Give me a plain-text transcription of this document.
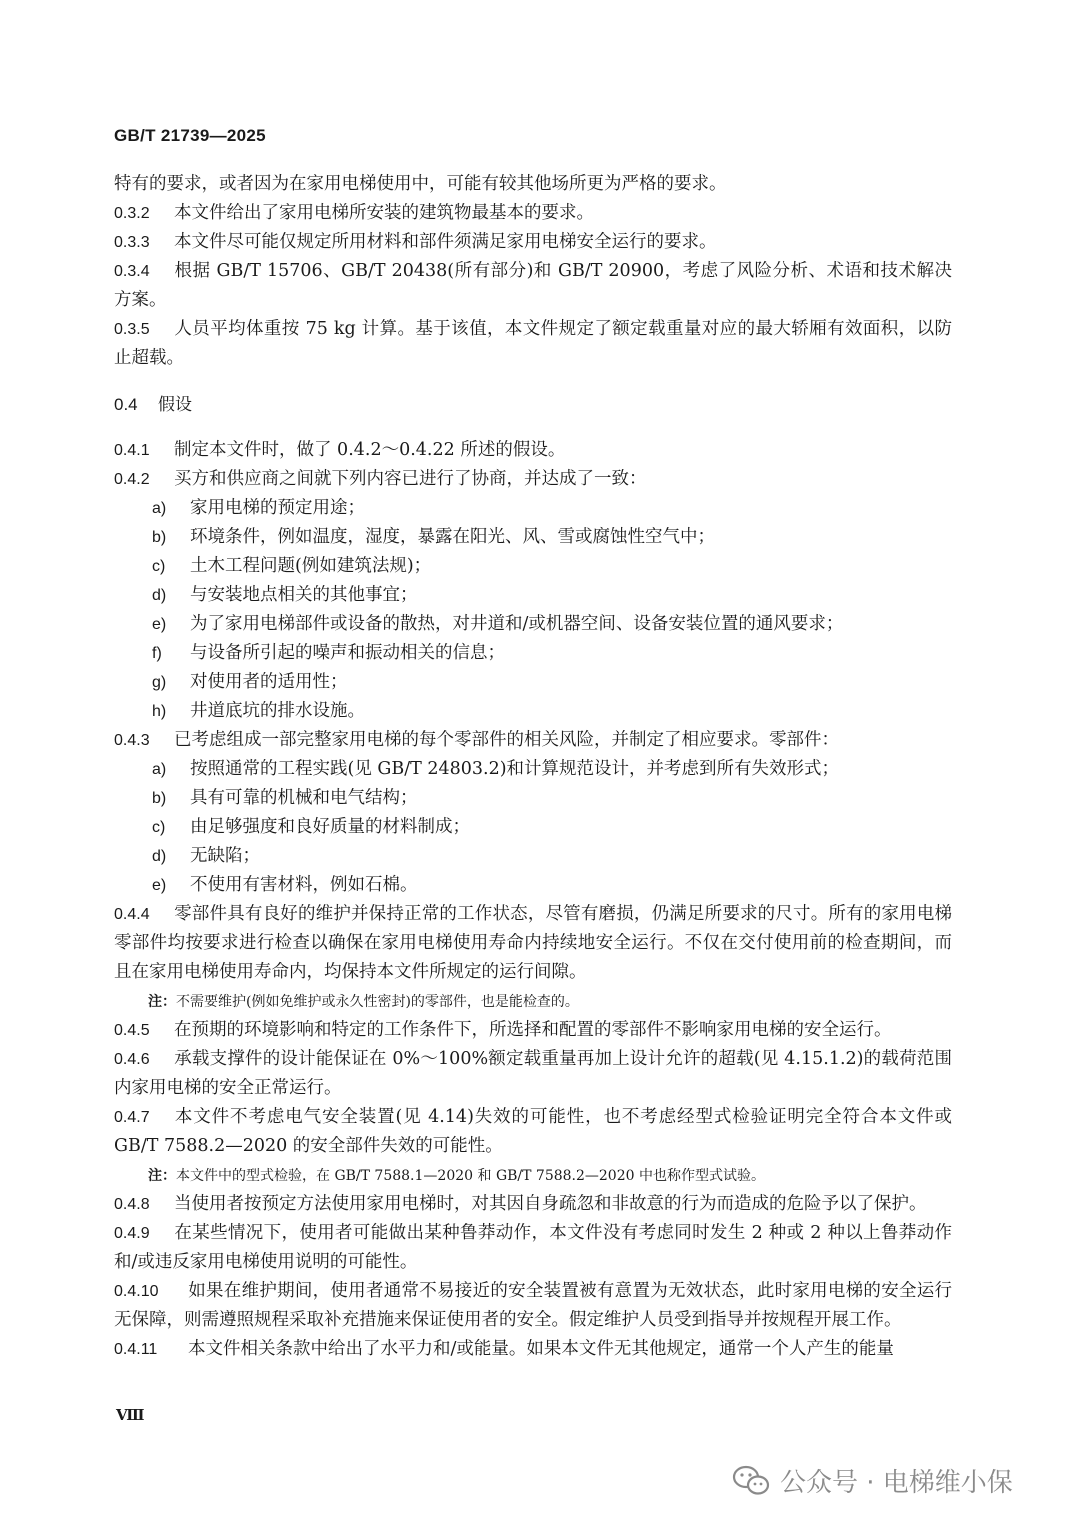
GB/T 21739—2025

特有的要求，或者因为在家用电梯使用中，可能有较其他场所更为严格的要求。

0.3.2 本文件给出了家用电梯所安装的建筑物最基本的要求。

0.3.3 本文件尽可能仅规定所用材料和部件须满足家用电梯安全运行的要求。

0.3.4 根据 GB/T 15706、GB/T 20438(所有部分)和 GB/T 20900，考虑了风险分析、术语和技术解决方案。

0.3.5 人员平均体重按 75 kg 计算。基于该值，本文件规定了额定载重量对应的最大轿厢有效面积，以防止超载。

0.4 假设

0.4.1 制定本文件时，做了 0.4.2～0.4.22 所述的假设。

0.4.2 买方和供应商之间就下列内容已进行了协商，并达成了一致：

a)	家用电梯的预定用途；

b)	环境条件，例如温度，湿度，暴露在阳光、风、雪或腐蚀性空气中；

c)	土木工程问题(例如建筑法规)；

d)	与安装地点相关的其他事宜；

e)	为了家用电梯部件或设备的散热，对井道和/或机器空间、设备安装位置的通风要求；

f)	与设备所引起的噪声和振动相关的信息；

g)	对使用者的适用性；

h)	井道底坑的排水设施。

0.4.3 已考虑组成一部完整家用电梯的每个零部件的相关风险，并制定了相应要求。零部件：

a)	按照通常的工程实践(见 GB/T 24803.2)和计算规范设计，并考虑到所有失效形式；

b)	具有可靠的机械和电气结构；

c)	由足够强度和良好质量的材料制成；

d)	无缺陷；

e)	不使用有害材料，例如石棉。

0.4.4 零部件具有良好的维护并保持正常的工作状态，尽管有磨损，仍满足所要求的尺寸。所有的家用电梯零部件均按要求进行检查以确保在家用电梯使用寿命内持续地安全运行。不仅在交付使用前的检查期间，而且在家用电梯使用寿命内，均保持本文件所规定的运行间隙。

注：不需要维护(例如免维护或永久性密封)的零部件，也是能检查的。

0.4.5 在预期的环境影响和特定的工作条件下，所选择和配置的零部件不影响家用电梯的安全运行。

0.4.6 承载支撑件的设计能保证在 0%～100%额定载重量再加上设计允许的超载(见 4.15.1.2)的载荷范围内家用电梯的安全正常运行。

0.4.7 本文件不考虑电气安全装置(见 4.14)失效的可能性，也不考虑经型式检验证明完全符合本文件或 GB/T 7588.2—2020 的安全部件失效的可能性。

注：本文件中的型式检验，在 GB/T 7588.1—2020 和 GB/T 7588.2—2020 中也称作型式试验。

0.4.8 当使用者按预定方法使用家用电梯时，对其因自身疏忽和非故意的行为而造成的危险予以了保护。

0.4.9 在某些情况下，使用者可能做出某种鲁莽动作，本文件没有考虑同时发生 2 种或 2 种以上鲁莽动作和/或违反家用电梯使用说明的可能性。

0.4.10 如果在维护期间，使用者通常不易接近的安全装置被有意置为无效状态，此时家用电梯的安全运行无保障，则需遵照规程采取补充措施来保证使用者的安全。假定维护人员受到指导并按规程开展工作。

0.4.11 本文件相关条款中给出了水平力和/或能量。如果本文件无其他规定，通常一个人产生的能量

Ⅷ
公众号 · 电梯维小保
